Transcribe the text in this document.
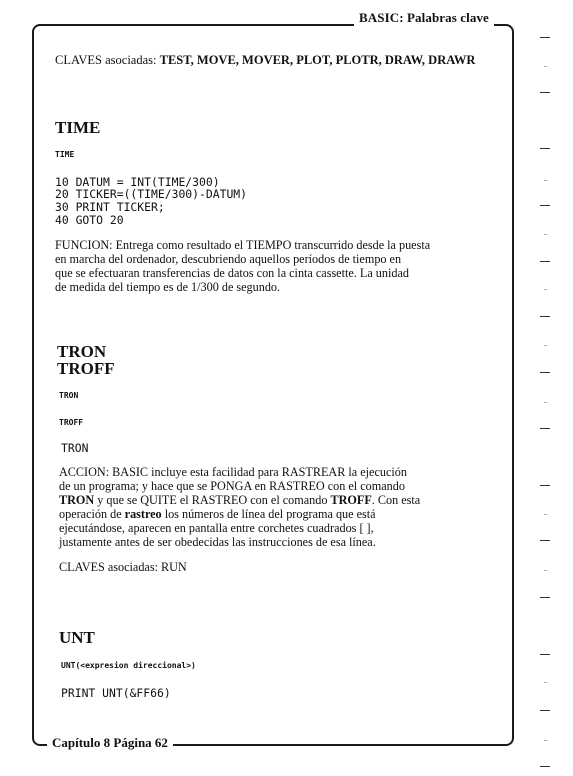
BASIC: Palabras clave
Capítulo 8 Página 62
CLAVES asociadas: TEST, MOVE, MOVER, PLOT, PLOTR, DRAW, DRAWR
TIME
TIME
10 DATUM = INT(TIME/300)
20 TICKER=((TIME/300)-DATUM)
30 PRINT TICKER;
40 GOTO 20
FUNCION: Entrega como resultado el TIEMPO transcurrido desde la puesta
en marcha del ordenador, descubriendo aquellos períodos de tiempo en
que se efectuaran transferencias de datos con la cinta cassette. La unidad
de medida del tiempo es de 1/300 de segundo.
TRON
TROFF
TRON
TROFF
TRON
ACCION: BASIC incluye esta facilidad para RASTREAR la ejecución
de un programa; y hace que se PONGA en RASTREO con el comando
TRON y que se QUITE el RASTREO con el comando TROFF. Con esta
operación de rastreo los números de línea del programa que está
ejecutándose, aparecen en pantalla entre corchetes cuadrados [ ],
justamente antes de ser obedecidas las instrucciones de esa línea.
CLAVES asociadas: RUN
UNT
UNT(<expresion direccional>)
PRINT UNT(&FF66)
